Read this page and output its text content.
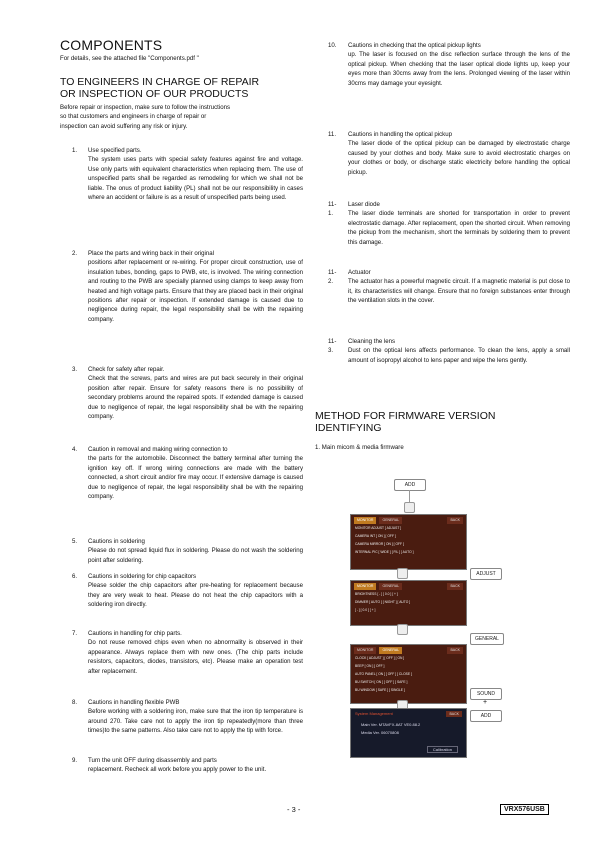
COMPONENTS
For details, see the attached file "Components.pdf "
TO ENGINEERS IN CHARGE OF REPAIR
OR INSPECTION OF OUR PRODUCTS
Before repair or inspection, make sure to follow the instructions
so that customers and engineers in charge of repair or
inspection can avoid suffering any risk or injury.
1. Use specified parts.
The system uses parts with special safety features against fire and voltage. Use only parts with equivalent characteristics when replacing them. The use of unspecified parts shall be regarded as remodeling for which we shall not be liable. The onus of product liability (PL) shall not be our responsibility in cases where an accident or failure is as a result of unspecified parts being used.
2. Place the parts and wiring back in their original
positions after replacement or re-wiring. For proper circuit construction, use of insulation tubes, bonding, gaps to PWB, etc, is involved. The wiring connection and routing to the PWB are specially planned using clamps to keep away from heated and high voltage parts. Ensure that they are placed back in their original positions after repair or inspection. If extended damage is caused due to negligence during repair, the legal responsibility shall be with the repairing company.
3. Check for safety after repair.
Check that the screws, parts and wires are put back securely in their original position after repair. Ensure for safety reasons there is no possibility of secondary problems around the repaired spots. If extended damage is caused due to negligence of repair, the legal responsibility shall be with the repairing company.
4. Caution in removal and making wiring connection to
the parts for the automobile. Disconnect the battery terminal after turning the ignition key off. If wrong wiring connections are made with the battery connected, a short circuit and/or fire may occur. If extensive damage is caused due to negligence of repair, the legal responsibility shall be with the repairing company.
5. Cautions in soldering
Please do not spread liquid flux in soldering. Please do not wash the soldering point after soldering.
6. Cautions in soldering for chip capacitors
Please solder the chip capacitors after pre-heating for replacement because they are very weak to heat. Please do not heat the chip capacitors with a soldering iron directly.
7. Cautions in handling for chip parts.
Do not reuse removed chips even when no abnormality is observed in their appearance. Always replace them with new ones. (The chip parts include resistors, capacitors, diodes, transistors, etc). Please make an operation test after replacement.
8. Cautions in handling flexible PWB
Before working with a soldering iron, make sure that the iron tip temperature is around 270. Take care not to apply the iron tip repeatedly(more than three times)to the same patterns. Also take care not to apply the tip with force.
9. Turn the unit OFF during disassembly and parts
replacement. Recheck all work before you apply power to the unit.
10. Cautions in checking that the optical pickup lights
up. The laser is focused on the disc reflection surface through the lens of the optical pickup. When checking that the laser optical diode lights up, keep your eyes more than 30cms away from the lens. Prolonged viewing of the laser within 30cms may damage your eyesight.
11. Cautions in handling the optical pickup
The laser diode of the optical pickup can be damaged by electrostatic charge caused by your clothes and body. Make sure to avoid electrostatic charges on your clothes or body, or discharge static electricity before handling the optical pickup.
11-1.
Laser diode
The laser diode terminals are shorted for transportation in order to prevent electrostatic damage. After replacement, open the shorted circuit. When removing the pickup from the mechanism, short the terminals by soldering them to prevent this damage.
11-2.
Actuator
The actuator has a powerful magnetic circuit. If a magnetic material is put close to it, its characteristics will change. Ensure that no foreign substances enter through the ventilation slots in the cover.
11-3.
Cleaning the lens
Dust on the optical lens affects performance. To clean the lens, apply a small amount of isopropyl alcohol to lens paper and wipe the lens gently.
METHOD FOR FIRMWARE VERSION
IDENTIFYING
1. Main micom & media firmware
ADD
MONITOR	GENERAL	BACK
MONITOR ADJUST [ ADJUST ]
CAMERA INT [ ON ] [ OFF ]
CAMERA MIRROR [ ON ] [ OFF ]
INTERNAL PIC [ WIDE ] [ FIL ] [ AUTO ]
MONITOR	GENERAL	BACK
BRIGHTNESS [ - ] [ 0.0 ] [ + ]
DIMMER [ AUTO ] [ NIGHT ] [ AUTO ]
[ - ] [ 0.0 ] [ + ]
ADJUST
MONITOR	GENERAL	BACK
CLOCK [ ADJUST ] [ OFF ] [ ON ]
BEEP [ ON ] [ OFF ]
AUTO PANEL [ ON ] [ OFF ] [ CLOSE ]
BU SWITCH [ ON ] [ OFF ] [ SAFE ]
BU WINDOW [ SAFE ] [ SINGLE ]
GENERAL
SOUND
+
ADD
System Management	BACK
Main Ver. MTAVFX-8AT VE0.88.2
Media Ver. 06070808
Calibration
- 3 -	VRX576USB
